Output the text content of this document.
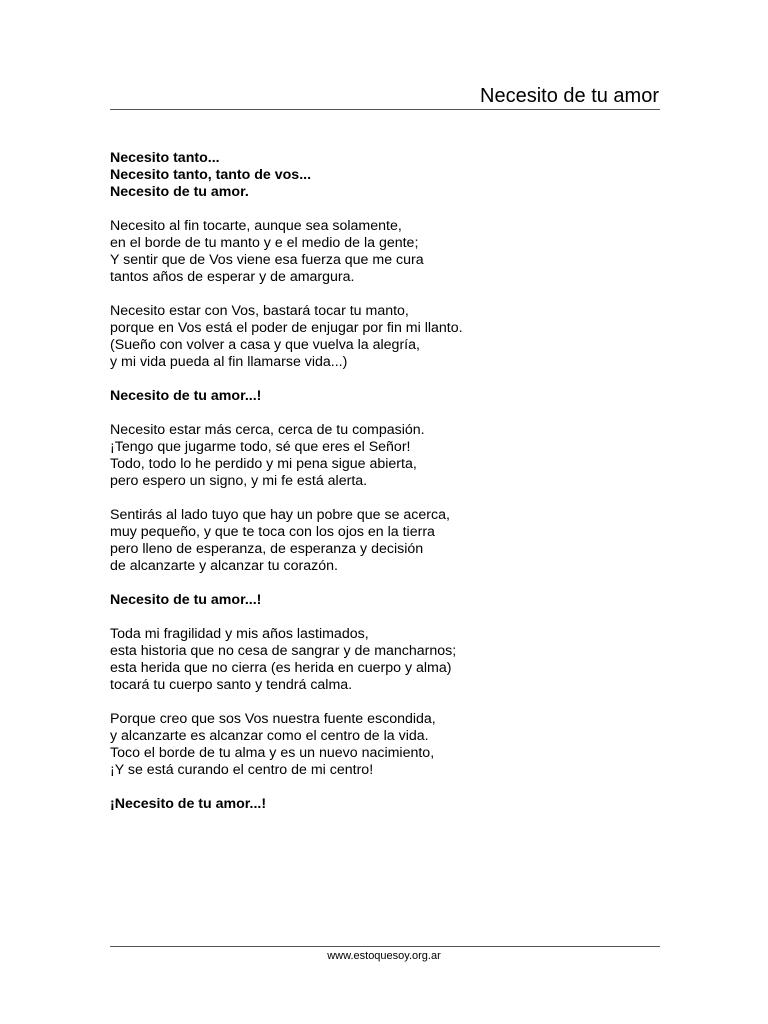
Necesito de tu amor
Necesito tanto...
Necesito tanto, tanto de vos...
Necesito de tu amor.
Necesito al fin tocarte, aunque sea solamente,
en el borde de tu manto y e el medio de la gente;
Y sentir que de Vos viene esa fuerza que me cura
tantos años de esperar y de amargura.
Necesito estar con Vos, bastará tocar tu manto,
porque en Vos está el poder de enjugar por fin mi llanto.
(Sueño con volver a casa y que vuelva la alegría,
y mi vida pueda al fin llamarse vida...)
Necesito de tu amor...!
Necesito estar más cerca, cerca de tu compasión.
¡Tengo que jugarme todo, sé que eres el Señor!
Todo, todo lo he perdido y mi pena sigue abierta,
pero espero un signo, y mi fe está alerta.
Sentirás al lado tuyo que hay un pobre que se acerca,
muy pequeño, y que te toca con los ojos en la tierra
pero lleno de esperanza, de esperanza y decisión
de alcanzarte y alcanzar tu corazón.
Necesito de tu amor...!
Toda mi fragilidad y mis años lastimados,
esta historia que no cesa de sangrar y de mancharnos;
esta herida que no cierra (es herida en cuerpo y alma)
tocará tu cuerpo santo y tendrá calma.
Porque creo que sos Vos nuestra fuente escondida,
y alcanzarte es alcanzar como el centro de la vida.
Toco el borde de tu alma y es un nuevo nacimiento,
¡Y se está curando el centro de mi centro!
¡Necesito de tu amor...!
www.estoquesoy.org.ar
